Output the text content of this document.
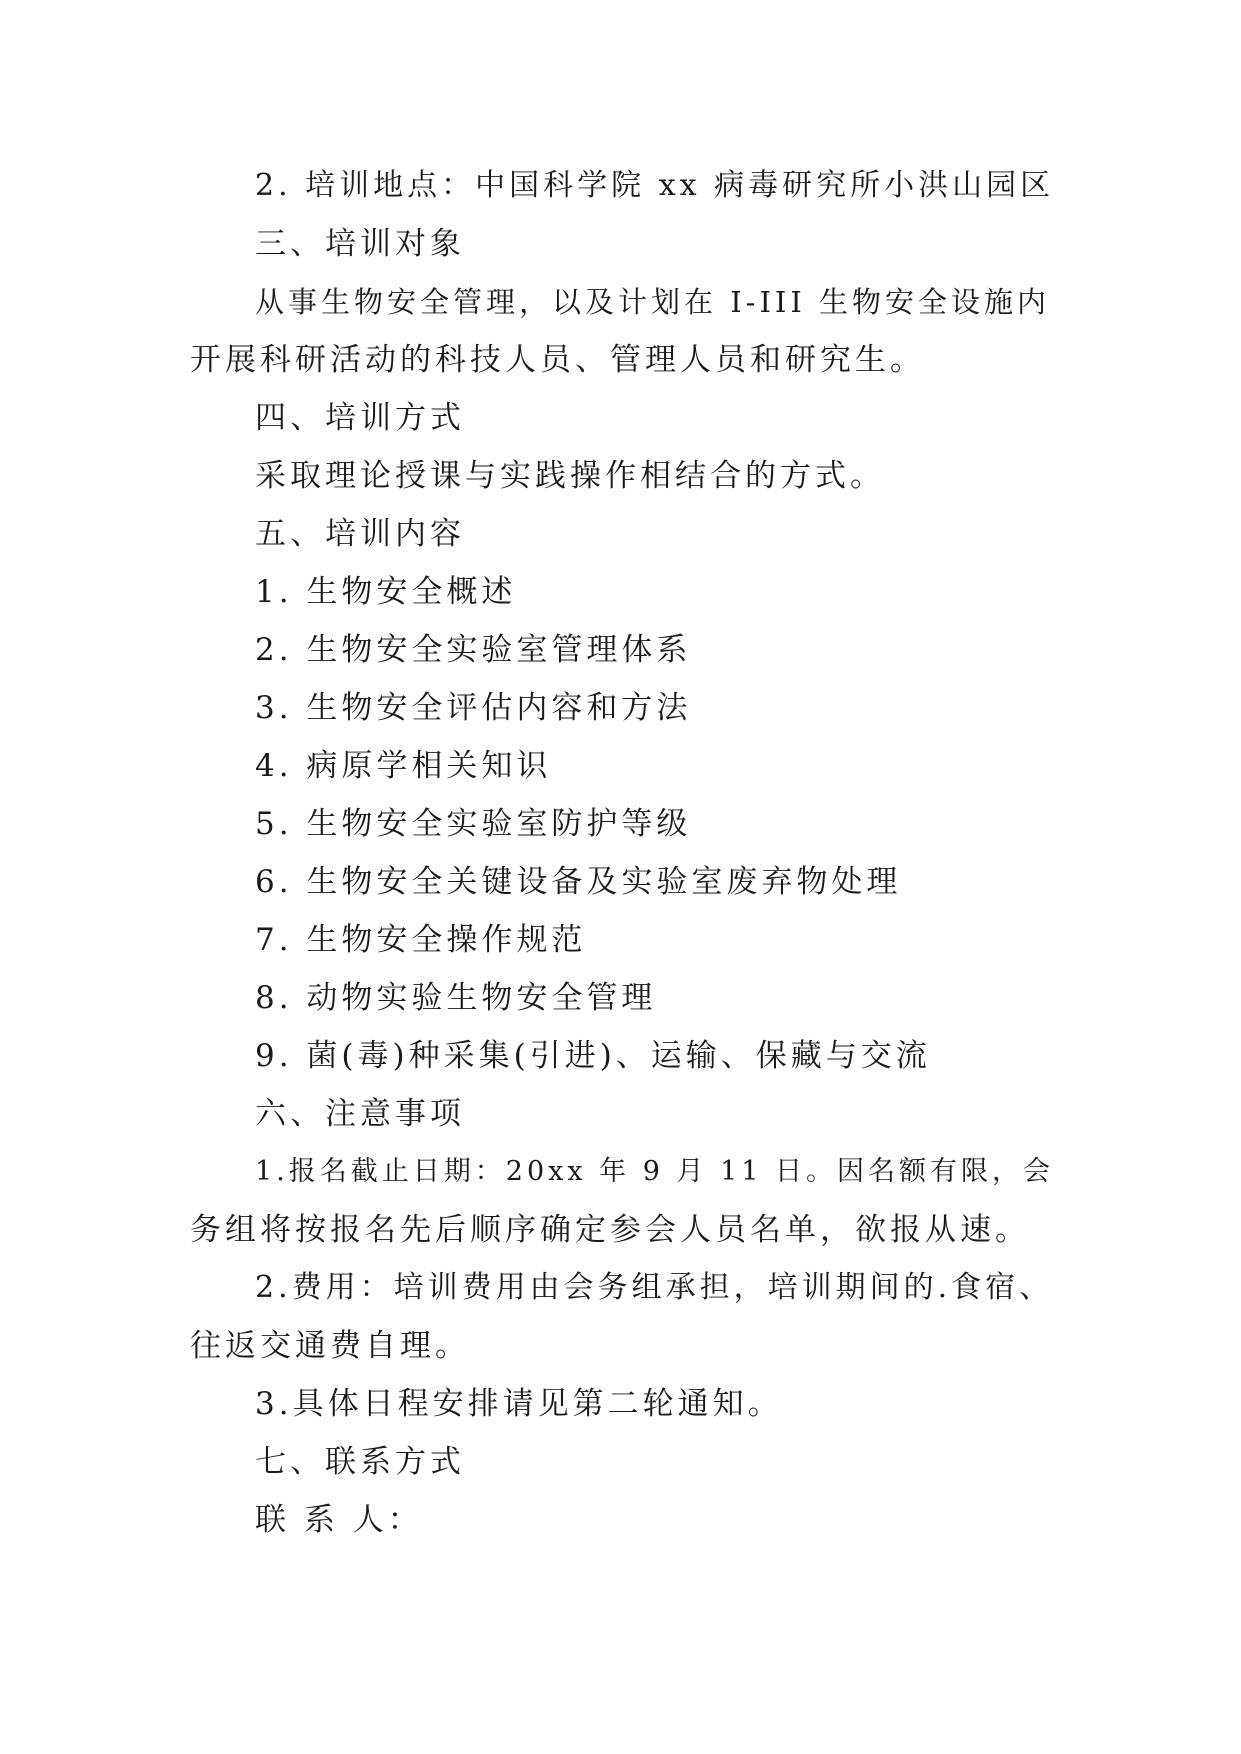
2. 培训地点：中国科学院 xx 病毒研究所小洪山园区
三、培训对象
从事生物安全管理，以及计划在 I-III 生物安全设施内
开展科研活动的科技人员、管理人员和研究生。
四、培训方式
采取理论授课与实践操作相结合的方式。
五、培训内容
1. 生物安全概述
2. 生物安全实验室管理体系
3. 生物安全评估内容和方法
4. 病原学相关知识
5. 生物安全实验室防护等级
6. 生物安全关键设备及实验室废弃物处理
7. 生物安全操作规范
8. 动物实验生物安全管理
9. 菌(毒)种采集(引进)、运输、保藏与交流
六、注意事项
1.报名截止日期：20xx 年 9 月 11 日。因名额有限，会
务组将按报名先后顺序确定参会人员名单，欲报从速。
2.费用：培训费用由会务组承担，培训期间的.食宿、
往返交通费自理。
3.具体日程安排请见第二轮通知。
七、联系方式
联 系 人：
